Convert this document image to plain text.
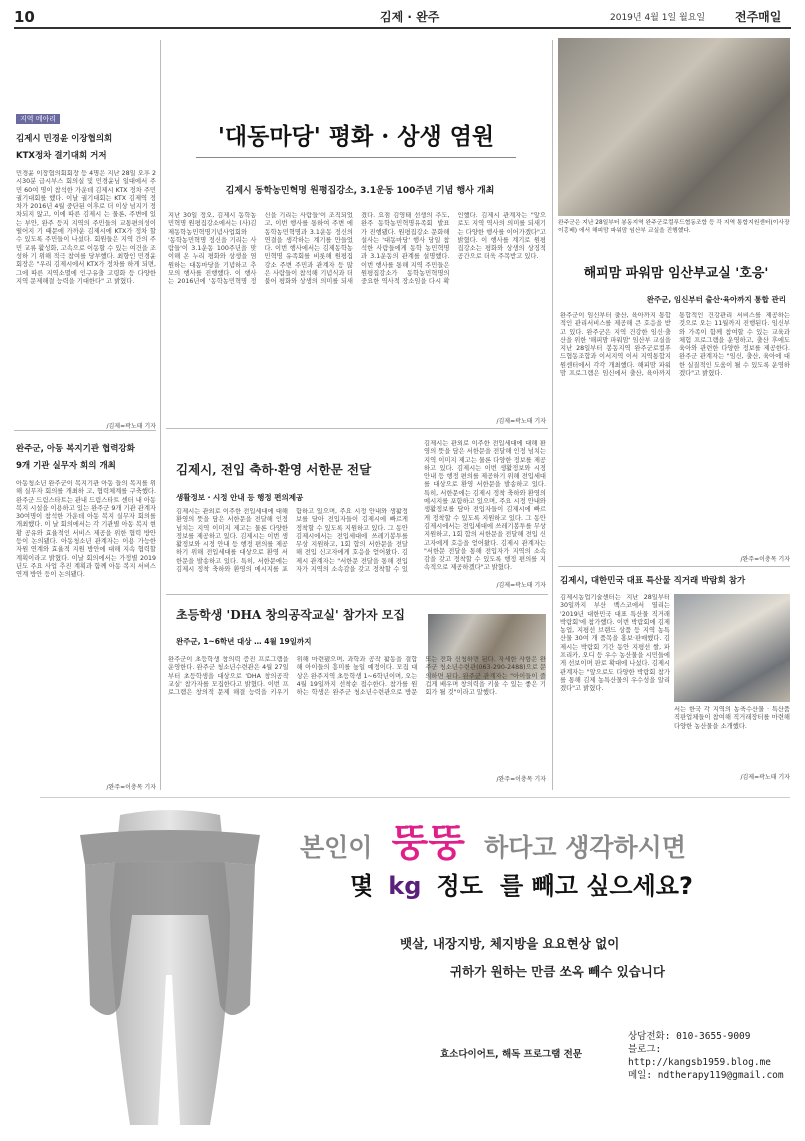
10	김제 · 완주	2019년 4월 1일 월요일 전주매일
지역 메아리
김제시 민경윤 이장협의회
KTX정차 결기대회 거저
민경윤 이장협의회회장 등 4명은 지난 28일 오후 2시30분 급시부스 회의실 및 민경윤님 일대에서 주민 60여 명이 참석한 가운데 김제시 KTX 정차 주민 궐기대회를 했다. 이날 궐기대회는 KTX 김제역 정차가 2016년 4월 중단된 이후로 더 이상 넘지기 정차되지 않고, 이에 따른 김제시 는 물론, 주변에 있는 부안, 완주 등지 지역의 주민들의 교통편의성이 떨어지 기 때문에 가까운 김제시에 KTX가 정차 할 수 있도록 주민들이 나섰다. 회원들은 지역 간의 주민 교류 활성화, 고속으로 이동할 수 있는 여건을 조성하 기 위해 적극 참여를 당부했다. 최향인 민경윤회장은 "우리 김제시에서 KTX가 정차를 하게 되면, 그에 따른 지역소멸에 인구유출 고령화 등 다양한 지역 문제해결 능력을 기대한다" 고 밝혔다.
/김제=곽노태 기자
완주군, 아동 복지기관 협력강화
9개 기관 실무자 회의 개최
아동청소년 완주군이 복지기관 아동 들의 복지를 위해 실무자 회의를 개최하 고, 협력체계를 구축했다. 완주군 드림스타트는 관내 드림스타트 센터 내 아동 복지 시설을 이용하고 있는 완주군 9개 기관 관계자 30여명이 참석한 가운데 아동 복지 실무자 회의를 개최했다. 이 날 회의에서는 각 기관별 아동 복지 현황 공유와 효율적인 서비스 제공을 위한 협력 방안 등이 논의됐다. 아동청소년 관계자는 이용 가능한 자원 연계와 효율적 지원 방안에 대해 지속 협력할 계획이라고 밝혔다. 이날 회의에서는 가정별 2019년도 주요 사업 추진 계획과 함께 아동 복지 서비스 연계 방안 등이 논의됐다.
/완주=이충목 기자
'대동마당' 평화 · 상생 염원
김제시 동학농민혁명 원평집강소, 3.1운동 100주년 기념 행사 개최
지난 30일 정오, 김제시 동학농민혁명 원평집강소에서는 (사)김제동학농민혁명기념사업회와 '동학농민혁명 정신을 기리는 사람들'이 3.1운동 100주년을 맞이해 온 누리 평화와 상생을 염원하는 대동마당을 기념하고 추모의 행사를 진행했다. 이 행사는 2016년에 '동학농민혁명 정신을 기리는 사람들'이 조직되었고, 이번 행사를 통하여 주변 에 동학농민혁명과 3.1운동 정신의 연결을 생각하는 계기를 만들었다. 이번 행사에서는 김제동학농민혁명 유족회를 비롯해 원평집강소 주변 주민과 관계자 등 많은 사람들이 참석해 기념식과 더불어 평화와 상생의 의미를 되새겼다. 요점 김영태 선생의 추도, 완주 동학농민혁명유족회 발표가 진행됐다. 원평집강소 문화해설사는 '대동마당' 행사 당일 참석한 사람들에게 동학 농민혁명과 3.1운동의 관계를 설명했다. 이번 행사를 통해 지역 주민들은 원평집강소가 동학농민혁명의 중요한 역사적 장소임을 다시 확인했다. 김제시 관계자는 "앞으로도 지역 역사의 의미를 되새기는 다양한 행사를 이어가겠다"고 밝혔다. 이 행사를 계기로 원평집강소는 평화와 상생의 상징적 공간으로 더욱 주목받고 있다.
/김제=곽노태 기자
완주군은 지난 28일부터 봉동지역 완주군로컬푸드협동조합 등 각 지역 통합지원센터(이사장 이홍배) 에서 해피맘 파워맘 임산부 교실을 진행했다.
해피맘 파워맘 임산부교실 '호응'
완주군, 임신부터 출산·육아까지 통합 관리
완주군이 임신부터 출산, 육아까지 통합적인 관리서비스를 제공해 큰 호응을 받고 있다. 완주군은 지역 건강한 임신·출산을 위한 '해피맘 파워맘' 임산부 교실을 지난 28일부터 봉동지역 완주군로컬푸드협동조합과 이서지역 이서 지역통합지원센터에서 각각 개최했다. 해피맘 파워맘 프로그램은 임신에서 출산, 육아까지 통합적인 건강관리 서비스를 제공하는 것으로 오는 11월까지 진행된다. 임신부와 가족이 함께 참여할 수 있는 교육과 체험 프로그램을 운영하고, 출산 후에도 육아와 관련한 다양한 정보를 제공한다. 완주군 관계자는 "임신, 출산, 육아에 대한 실질적인 도움이 될 수 있도록 운영하겠다"고 밝혔다.
/완주=이충목 기자
김제시, 전입 축하·환영 서한문 전달
생활정보 · 시정 안내 등 행정 편의제공
김제시는 관외로 이주한 전입세대에 대해 환영의 뜻을 담은 서한문을 전달해 인정 넘치는 지역 이미지 제고는 물론 다양한 정보를 제공하고 있다. 김제시는 이번 생활정보와 시정 안내 등 행정 편의를 제공하기 위해 전입세대를 대상으로 환영 서한문을 발송하고 있다. 특히, 서한문에는 김제시 정착 축하와 환영의 메시지를 포함하고 있으며, 주요 시정 안내와 생활정보를 담아 전입자들이 김제시에 빠르게 정착할 수 있도록 지원하고 있다. 그 동안 김제시에서는 전입세대에 쓰레기봉투를 무상 지원하고, 1회 합의 서한문을 전달해 전입 신고자에게 호응을 얻어왔다. 김제시 관계자는 "서한문 전달을 통해 전입자가 지역의 소속감을 갖고 정착할 수 있
김제시는 관외로 이주한 전입세대에 대해 환영의 뜻을 담은 서한문을 전달해 인정 넘치는 지역 이미지 제고는 물론 다양한 정보를 제공하고 있다. 김제시는 이번 생활정보와 시정 안내 등 행정 편의를 제공하기 위해 전입세대를 대상으로 환영 서한문을 발송하고 있다. 특히, 서한문에는 김제시 정착 축하와 환영의 메시지를 포함하고 있으며, 주요 시정 안내와 생활정보를 담아 전입자들이 김제시에 빠르게 정착할 수 있도록 지원하고 있다. 그 동안 김제시에서는 전입세대에 쓰레기봉투를 무상 지원하고, 1회 합의 서한문을 전달해 전입 신고자에게 호응을 얻어왔다. 김제시 관계자는 "서한문 전달을 통해 전입자가 지역의 소속감을 갖고 정착할 수 있도록 행정 편의를 지속적으로 제공하겠다"고 밝혔다.
/김제=곽노태 기자
초등학생 'DHA 창의공작교실' 참가자 모집
완주군, 1~6학년 대상 … 4월 19일까지
완주군이 초등학생 창의력 증진 프로그램을 운영한다. 완주군 청소년수련관은 4월 27일부터 초등학생을 대상으로 'DHA 창의공작교실' 참가자를 모집한다고 밝혔다. 이번 프로그램은 창의적 문제 해결 능력을 키우기 위해 마련됐으며, 과학과 공작 활동을 결합해 아이들의 흥미를 높일 예정이다. 모집 대상은 완주지역 초등학생 1~6학년이며, 오는 4월 19일까지 선착순 접수한다. 참가를 원하는 학생은 완주군 청소년수련관으로 방문 또는 전화 신청하면 된다. 자세한 사항은 완주군 청소년수련관(063-290-2488)으로 문의하면 된다. 완주군 관계자는 "아이들이 즐겁게 배우며 창의력을 키울 수 있는 좋은 기회가 될 것"이라고 말했다.
/완주=이충목 기자
김제시, 대한민국 대표 특산물 직거래 박람회 참가
김제시농업기술센터는 지난 28일부터 30일까지 부산 벡스코에서 열리는 '2019년 대한민국 대표 특산물 직거래 박람회'에 참가했다. 이번 박람회에 김제농업, 지평선 브랜드 상품 등 지역 농특산물 30여 개 품목을 홍보·판매했다. 김제시는 박람회 기간 동안 지평선 쌀, 파프리카, 오디 등 우수 농산물을 시민들에게 선보이며 판로 확대에 나섰다. 김제시 관계자는 "앞으로도 다양한 박람회 참가를 통해 김제 농특산물의 우수성을 알리겠다"고 밝혔다.
서는 한국 각 지역의 농축수산물 · 특산품 직판업체들이 참여해 직거래장터를 마련해 다양한 농산물을 소개했다.
/김제=곽노태 기자
본인이 뚱뚱 하다고 생각하시면
몇 kg 정도 를 빼고 싶으세요?
뱃살, 내장지방, 체지방을 요요현상 없이
귀하가 원하는 만큼 쏘옥 빼수 있습니다
효소다이어트, 해독 프로그램 전문
상담전화: 010-3655-9009
블로그: http://kangsb1959.blog.me
메일: ndtherapy119@gmail.com
